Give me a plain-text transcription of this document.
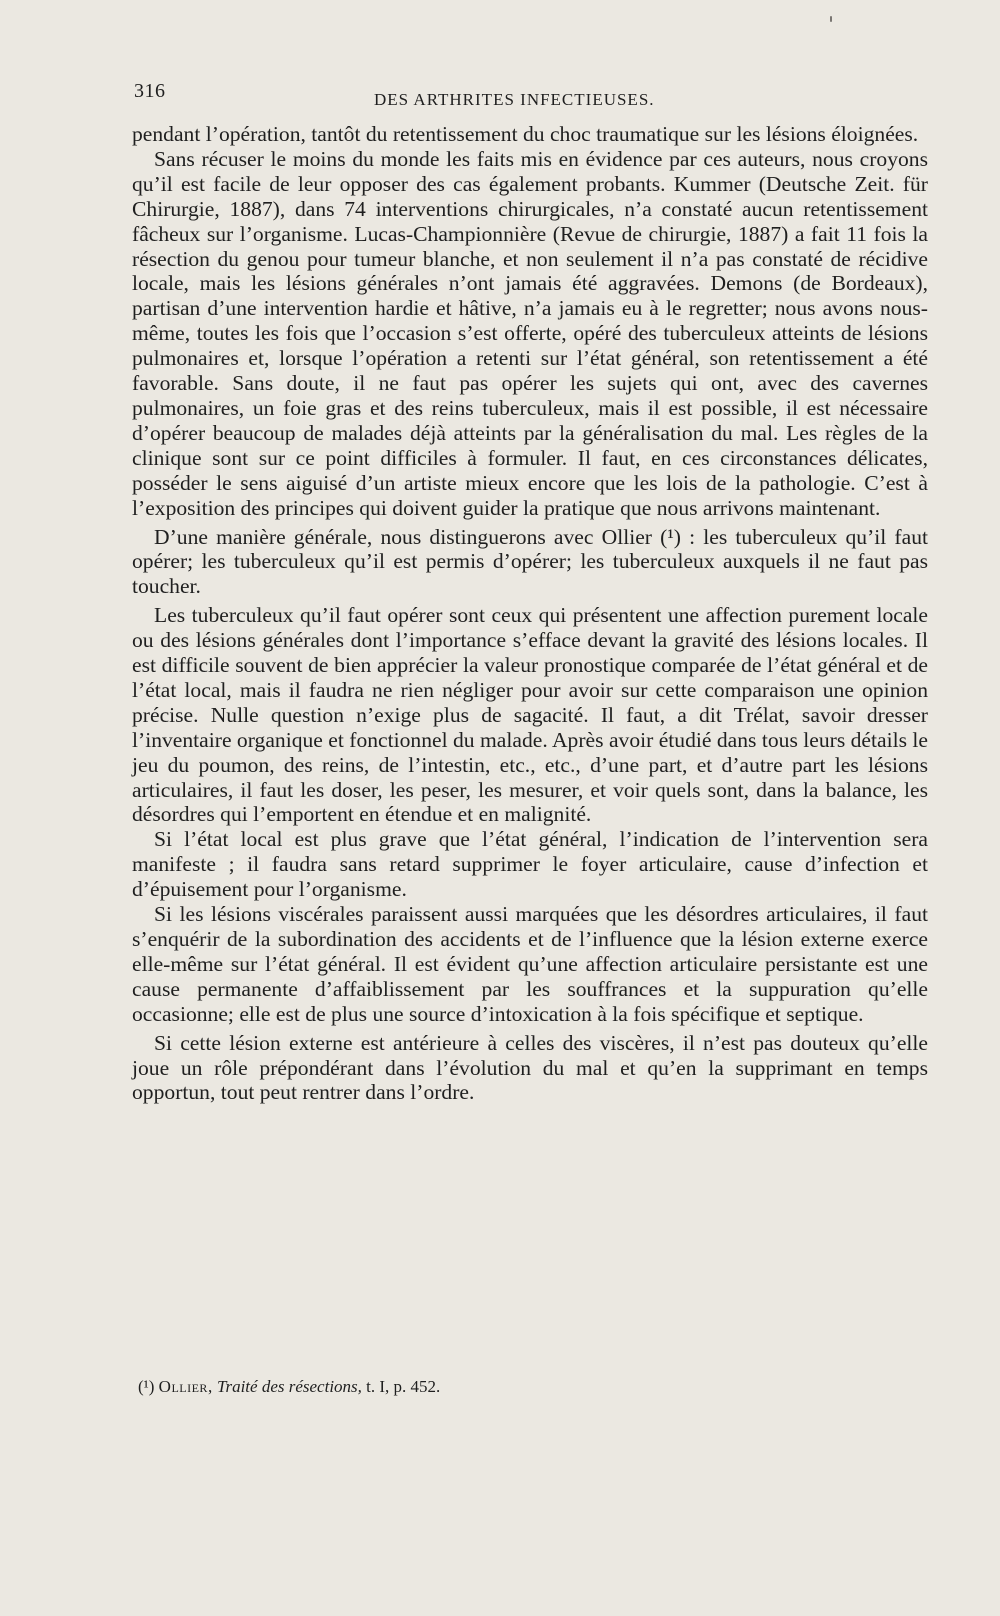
316	DES ARTHRITES INFECTIEUSES.

pendant l’opération, tantôt du retentissement du choc traumatique sur les lésions éloignées.

Sans récuser le moins du monde les faits mis en évidence par ces auteurs, nous croyons qu’il est facile de leur opposer des cas également probants. Kummer (Deutsche Zeit. für Chirurgie, 1887), dans 74 interventions chirurgicales, n’a constaté aucun retentissement fâcheux sur l’organisme. Lucas-Championnière (Revue de chirurgie, 1887) a fait 11 fois la résection du genou pour tumeur blanche, et non seulement il n’a pas constaté de récidive locale, mais les lésions générales n’ont jamais été aggravées. Demons (de Bordeaux), partisan d’une intervention hardie et hâtive, n’a jamais eu à le regretter; nous avons nous-même, toutes les fois que l’occasion s’est offerte, opéré des tuberculeux atteints de lésions pulmonaires et, lorsque l’opération a retenti sur l’état général, son retentissement a été favorable. Sans doute, il ne faut pas opérer les sujets qui ont, avec des cavernes pulmonaires, un foie gras et des reins tuberculeux, mais il est possible, il est nécessaire d’opérer beaucoup de malades déjà atteints par la généralisation du mal. Les règles de la clinique sont sur ce point difficiles à formuler. Il faut, en ces circonstances délicates, posséder le sens aiguisé d’un artiste mieux encore que les lois de la pathologie. C’est à l’exposition des principes qui doivent guider la pratique que nous arrivons maintenant.

D’une manière générale, nous distinguerons avec Ollier (¹) : les tuberculeux qu’il faut opérer; les tuberculeux qu’il est permis d’opérer; les tuberculeux auxquels il ne faut pas toucher.

Les tuberculeux qu’il faut opérer sont ceux qui présentent une affection purement locale ou des lésions générales dont l’importance s’efface devant la gravité des lésions locales. Il est difficile souvent de bien apprécier la valeur pronostique comparée de l’état général et de l’état local, mais il faudra ne rien négliger pour avoir sur cette comparaison une opinion précise. Nulle question n’exige plus de sagacité. Il faut, a dit Trélat, savoir dresser l’inventaire organique et fonctionnel du malade. Après avoir étudié dans tous leurs détails le jeu du poumon, des reins, de l’intestin, etc., etc., d’une part, et d’autre part les lésions articulaires, il faut les doser, les peser, les mesurer, et voir quels sont, dans la balance, les désordres qui l’emportent en étendue et en malignité.

Si l’état local est plus grave que l’état général, l’indication de l’intervention sera manifeste ; il faudra sans retard supprimer le foyer articulaire, cause d’infection et d’épuisement pour l’organisme.

Si les lésions viscérales paraissent aussi marquées que les désordres articulaires, il faut s’enquérir de la subordination des accidents et de l’influence que la lésion externe exerce elle-même sur l’état général. Il est évident qu’une affection articulaire persistante est une cause permanente d’affaiblissement par les souffrances et la suppuration qu’elle occasionne; elle est de plus une source d’intoxication à la fois spécifique et septique.

Si cette lésion externe est antérieure à celles des viscères, il n’est pas douteux qu’elle joue un rôle prépondérant dans l’évolution du mal et qu’en la supprimant en temps opportun, tout peut rentrer dans l’ordre.

(¹) Ollier, Traité des résections, t. I, p. 452.
